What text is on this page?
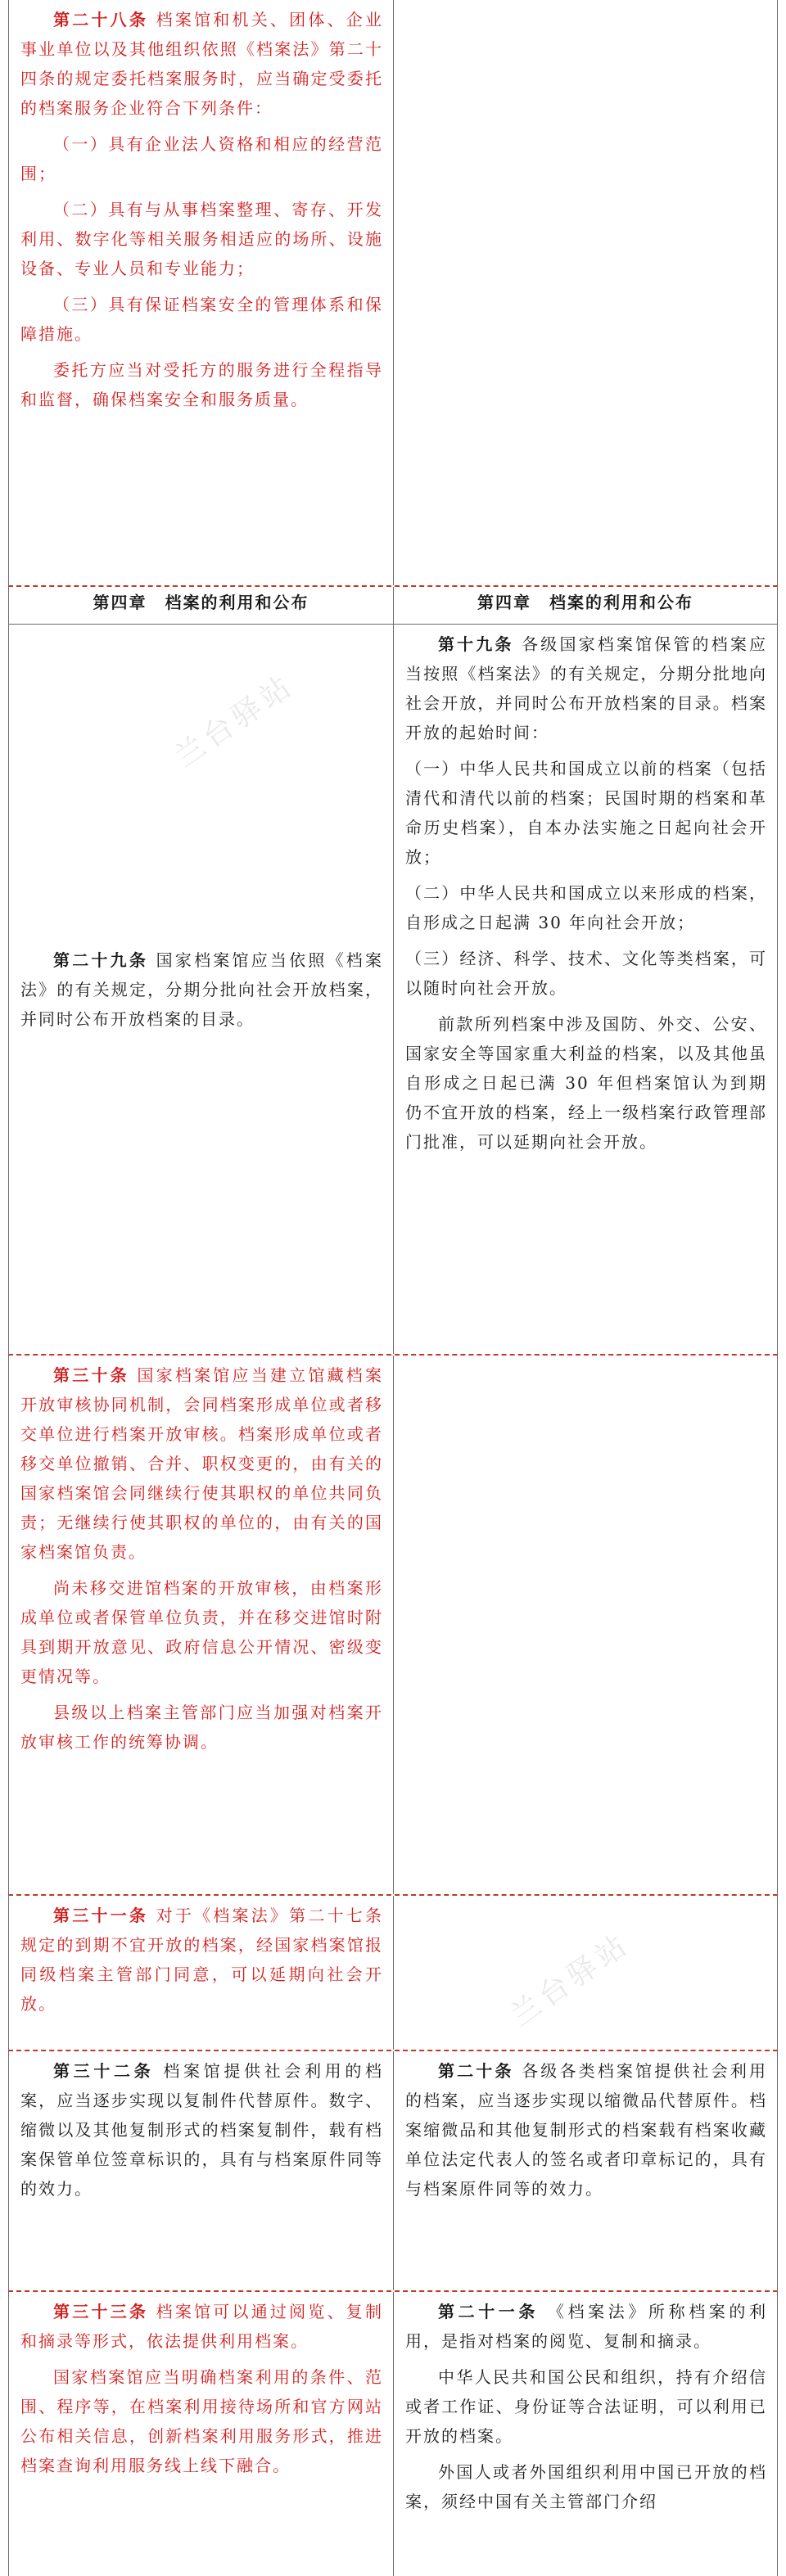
第二十八条 档案馆和机关、团体、企业事业单位以及其他组织依照《档案法》第二十四条的规定委托档案服务时，应当确定受委托的档案服务企业符合下列条件：

（一）具有企业法人资格和相应的经营范围；

（二）具有与从事档案整理、寄存、开发利用、数字化等相关服务相适应的场所、设施设备、专业人员和专业能力；

（三）具有保证档案安全的管理体系和保障措施。

委托方应当对受托方的服务进行全程指导和监督，确保档案安全和服务质量。

第四章　档案的利用和公布	第四章　档案的利用和公布

第二十九条 国家档案馆应当依照《档案法》的有关规定，分期分批向社会开放档案，并同时公布开放档案的目录。

第十九条 各级国家档案馆保管的档案应当按照《档案法》的有关规定，分期分批地向社会开放，并同时公布开放档案的目录。档案开放的起始时间：

（一）中华人民共和国成立以前的档案（包括清代和清代以前的档案；民国时期的档案和革命历史档案），自本办法实施之日起向社会开放；

（二）中华人民共和国成立以来形成的档案，自形成之日起满 30 年向社会开放；

（三）经济、科学、技术、文化等类档案，可以随时向社会开放。

前款所列档案中涉及国防、外交、公安、国家安全等国家重大利益的档案，以及其他虽自形成之日起已满 30 年但档案馆认为到期仍不宜开放的档案，经上一级档案行政管理部门批准，可以延期向社会开放。

兰台驿站

第三十条 国家档案馆应当建立馆藏档案开放审核协同机制，会同档案形成单位或者移交单位进行档案开放审核。档案形成单位或者移交单位撤销、合并、职权变更的，由有关的国家档案馆会同继续行使其职权的单位共同负责；无继续行使其职权的单位的，由有关的国家档案馆负责。

尚未移交进馆档案的开放审核，由档案形成单位或者保管单位负责，并在移交进馆时附具到期开放意见、政府信息公开情况、密级变更情况等。

县级以上档案主管部门应当加强对档案开放审核工作的统筹协调。

第三十一条 对于《档案法》第二十七条规定的到期不宜开放的档案，经国家档案馆报同级档案主管部门同意，可以延期向社会开放。	兰台驿站

第三十二条 档案馆提供社会利用的档案，应当逐步实现以复制件代替原件。数字、缩微以及其他复制形式的档案复制件，载有档案保管单位签章标识的，具有与档案原件同等的效力。

第二十条 各级各类档案馆提供社会利用的档案，应当逐步实现以缩微品代替原件。档案缩微品和其他复制形式的档案载有档案收藏单位法定代表人的签名或者印章标记的，具有与档案原件同等的效力。

第三十三条 档案馆可以通过阅览、复制和摘录等形式，依法提供利用档案。

国家档案馆应当明确档案利用的条件、范围、程序等，在档案利用接待场所和官方网站公布相关信息，创新档案利用服务形式，推进档案查询利用服务线上线下融合。

第二十一条 《档案法》所称档案的利用，是指对档案的阅览、复制和摘录。

中华人民共和国公民和组织，持有介绍信或者工作证、身份证等合法证明，可以利用已开放的档案。

外国人或者外国组织利用中国已开放的档案，须经中国有关主管部门介绍
